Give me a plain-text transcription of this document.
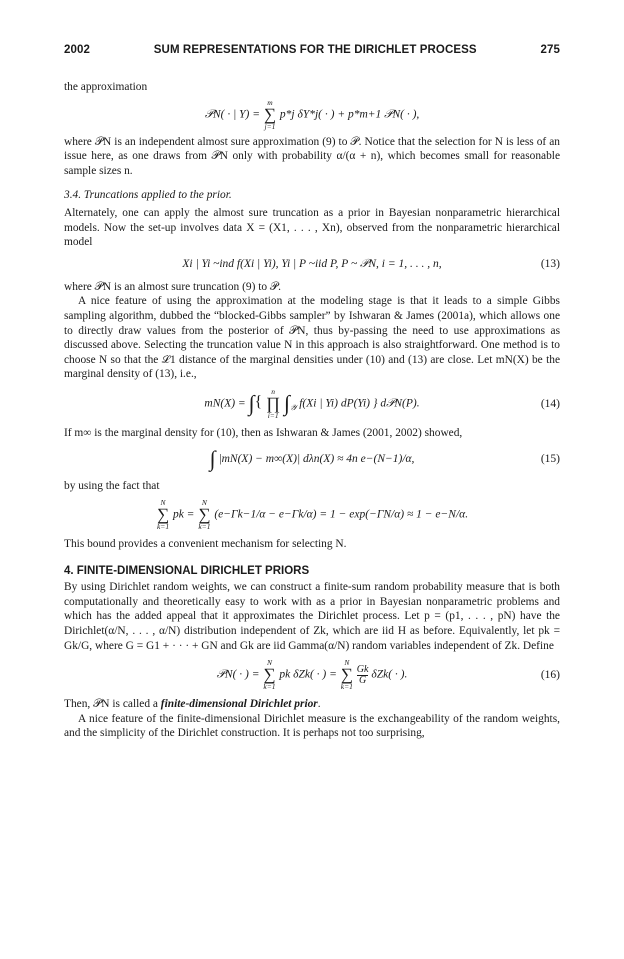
2002	SUM REPRESENTATIONS FOR THE DIRICHLET PROCESS	275

the approximation

𝒫N( · | Y) =
m
∑
j=1
p*j δY*j( · ) + p*m+1 𝒫N( · ),

where 𝒫N is an independent almost sure approximation (9) to 𝒫. Notice that the selection for N is less of an issue here, as one draws from 𝒫N only with probability α/(α + n), which becomes small for reasonable sample sizes n.

3.4. Truncations applied to the prior.

Alternately, one can apply the almost sure truncation as a prior in Bayesian nonparametric hierarchical models. Now the set-up involves data X = (X1, . . . , Xn), observed from the nonparametric hierarchical model

Xi | Yi ~ind f(Xi | Yi), Yi | P ~iid P, P ~ 𝒫N, i = 1, . . . , n,	(13)

where 𝒫N is an almost sure truncation (9) to 𝒫.

A nice feature of using the approximation at the modeling stage is that it leads to a simple Gibbs sampling algorithm, dubbed the “blocked-Gibbs sampler” by Ishwaran & James (2001a), which allows one to directly draw values from the posterior of 𝒫N, thus by-passing the need to use approximations as discussed above. Selecting the truncation value N in this approach is also straightforward. One method is to choose N so that the ℒ1 distance of the marginal densities under (10) and (13) are close. Let mN(X) be the marginal density of (13), i.e.,

mN(X) = ∫{
n
∏
i=1 $\int_𝒴$ f(Xi | Yi) dP(Yi) } d𝒫N(P).	(14)

If m∞ is the marginal density for (10), then as Ishwaran & James (2001, 2002) showed,

∫ |mN(X) − m∞(X)| dλn(X) ≈ 4n e−(N−1)/α,	(15)

by using the fact that

N
∑
k=1
pk =
N
∑
k=1
(e−Γk−1/α − e−Γk/α) = 1 − exp(−ΓN/α) ≈ 1 − e−N/α.

This bound provides a convenient mechanism for selecting N.

4. FINITE-DIMENSIONAL DIRICHLET PRIORS

By using Dirichlet random weights, we can construct a finite-sum random probability measure that is both computationally and theoretically easy to work with as a prior in Bayesian nonparametric problems and which has the added appeal that it approximates the Dirichlet process. Let p = (p1, . . . , pN) have the Dirichlet(α/N, . . . , α/N) distribution independent of Zk, which are iid H as before. Equivalently, let pk = Gk/G, where G = G1 + · · · + GN and Gk are iid Gamma(α/N) random variables independent of Zk. Define

𝒫N( · ) =
N
∑
k=1
pk δZk( · ) =
N
∑
k=1

$\frac{Gk}{G} \delta Zk$( · ).	(16)

Then, 𝒫N is called a finite-dimensional Dirichlet prior.

A nice feature of the finite-dimensional Dirichlet measure is the exchangeability of the random weights, and the simplicity of the Dirichlet construction. It is perhaps not too surprising,
